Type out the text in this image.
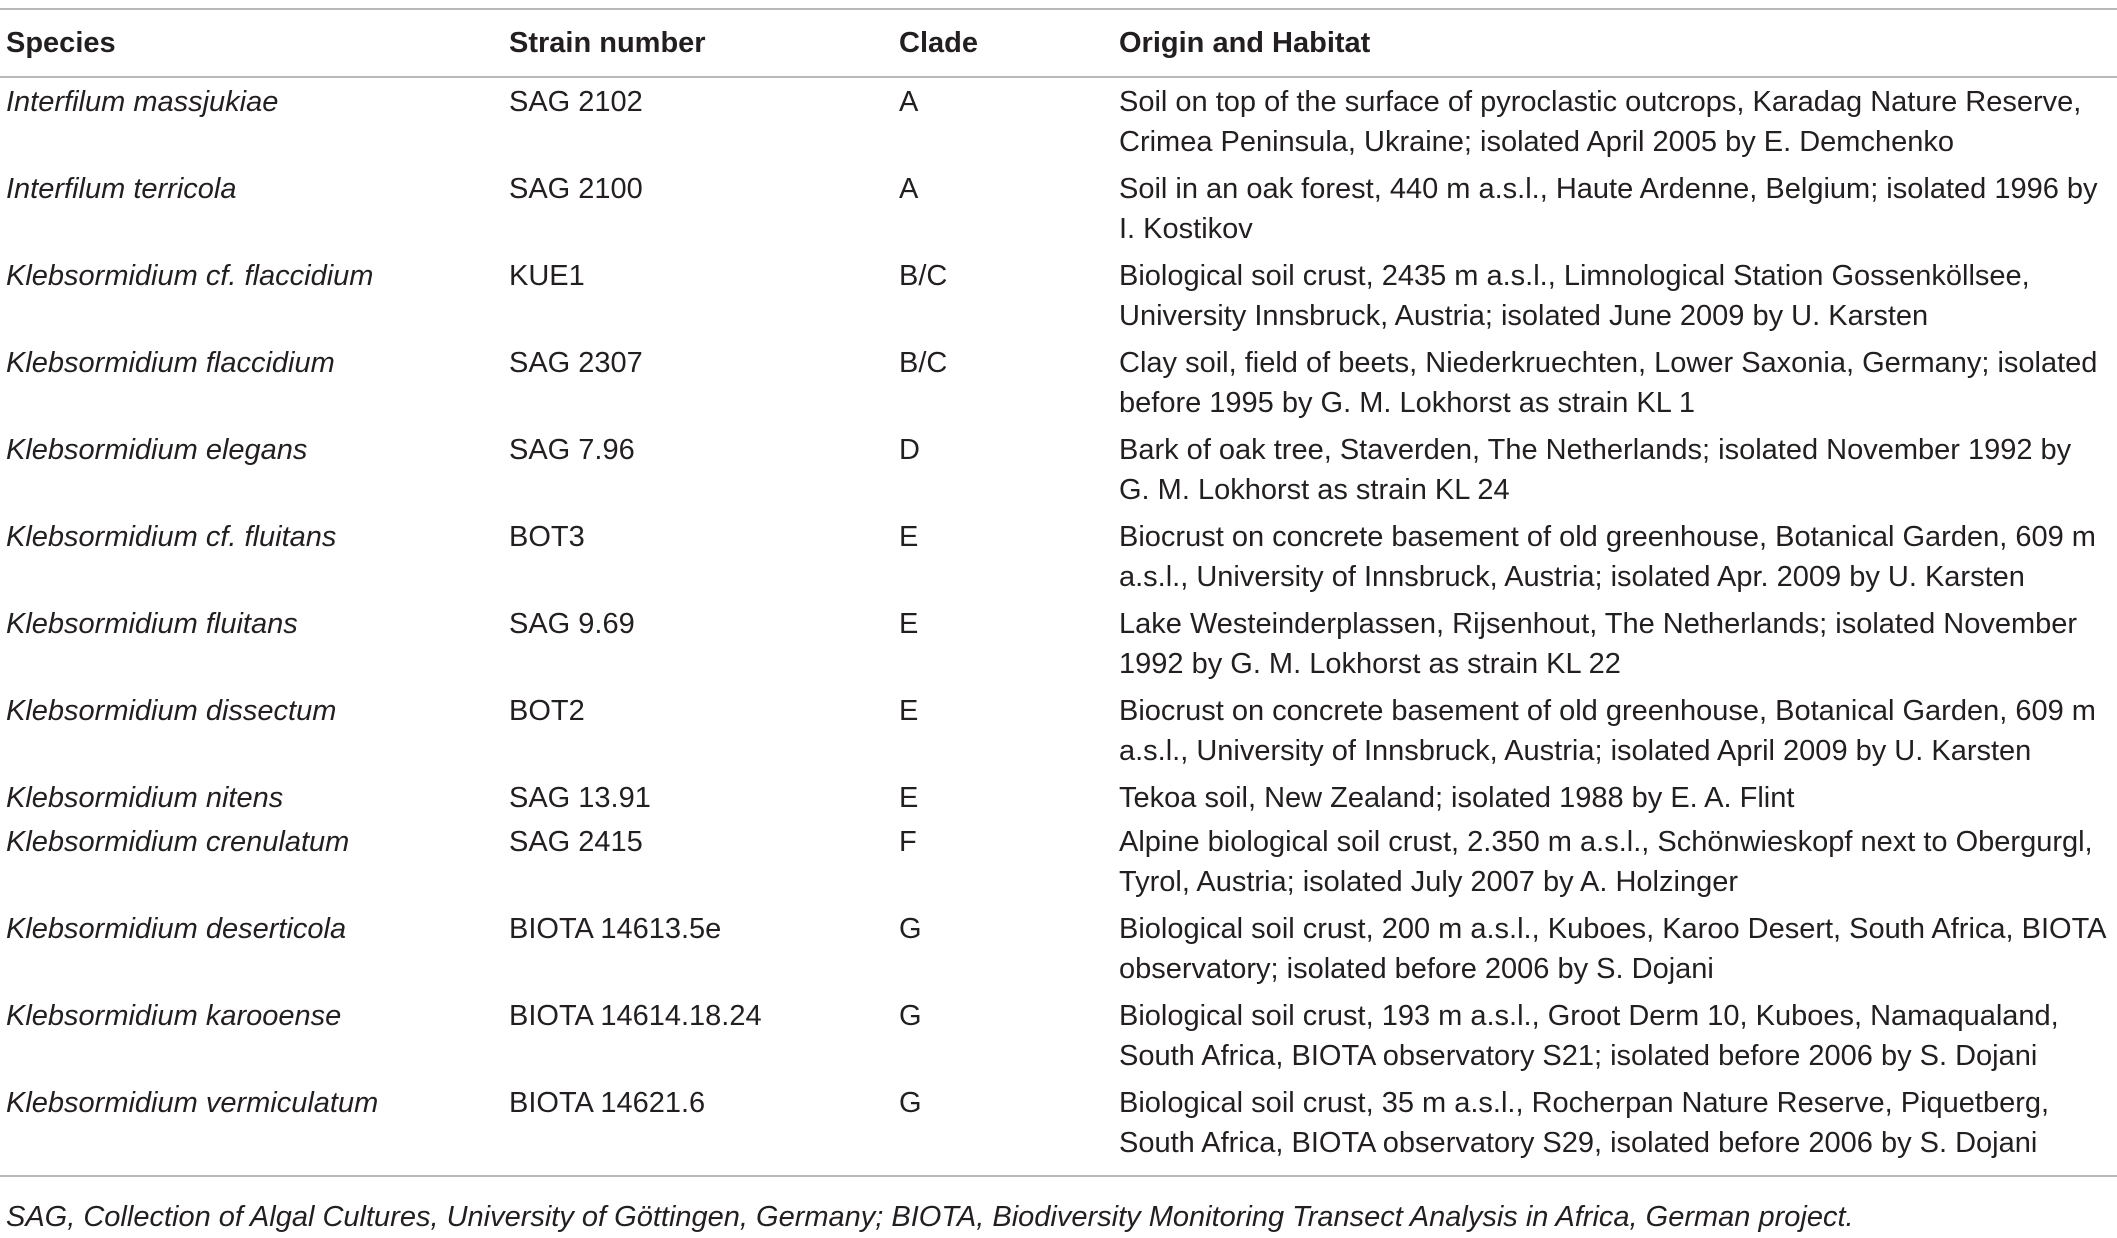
Species	Strain number	Clade	Origin and Habitat
Interfilum massjukiae	SAG 2102	A	Soil on top of the surface of pyroclastic outcrops, Karadag Nature Reserve, Crimea Peninsula, Ukraine; isolated April 2005 by E. Demchenko
Interfilum terricola	SAG 2100	A	Soil in an oak forest, 440 m a.s.l., Haute Ardenne, Belgium; isolated 1996 by I. Kostikov
Klebsormidium cf. flaccidium	KUE1	B/C	Biological soil crust, 2435 m a.s.l., Limnological Station Gossenköllsee, University Innsbruck, Austria; isolated June 2009 by U. Karsten
Klebsormidium flaccidium	SAG 2307	B/C	Clay soil, field of beets, Niederkruechten, Lower Saxonia, Germany; isolated before 1995 by G. M. Lokhorst as strain KL 1
Klebsormidium elegans	SAG 7.96	D	Bark of oak tree, Staverden, The Netherlands; isolated November 1992 by G. M. Lokhorst as strain KL 24
Klebsormidium cf. fluitans	BOT3	E	Biocrust on concrete basement of old greenhouse, Botanical Garden, 609 m a.s.l., University of Innsbruck, Austria; isolated Apr. 2009 by U. Karsten
Klebsormidium fluitans	SAG 9.69	E	Lake Westeinderplassen, Rijsenhout, The Netherlands; isolated November 1992 by G. M. Lokhorst as strain KL 22
Klebsormidium dissectum	BOT2	E	Biocrust on concrete basement of old greenhouse, Botanical Garden, 609 m a.s.l., University of Innsbruck, Austria; isolated April 2009 by U. Karsten
Klebsormidium nitens	SAG 13.91	E	Tekoa soil, New Zealand; isolated 1988 by E. A. Flint
Klebsormidium crenulatum	SAG 2415	F	Alpine biological soil crust, 2.350 m a.s.l., Schönwieskopf next to Obergurgl, Tyrol, Austria; isolated July 2007 by A. Holzinger
Klebsormidium deserticola	BIOTA 14613.5e	G	Biological soil crust, 200 m a.s.l., Kuboes, Karoo Desert, South Africa, BIOTA observatory; isolated before 2006 by S. Dojani
Klebsormidium karooense	BIOTA 14614.18.24	G	Biological soil crust, 193 m a.s.l., Groot Derm 10, Kuboes, Namaqualand, South Africa, BIOTA observatory S21; isolated before 2006 by S. Dojani
Klebsormidium vermiculatum	BIOTA 14621.6	G	Biological soil crust, 35 m a.s.l., Rocherpan Nature Reserve, Piquetberg, South Africa, BIOTA observatory S29, isolated before 2006 by S. Dojani
SAG, Collection of Algal Cultures, University of Göttingen, Germany; BIOTA, Biodiversity Monitoring Transect Analysis in Africa, German project.
